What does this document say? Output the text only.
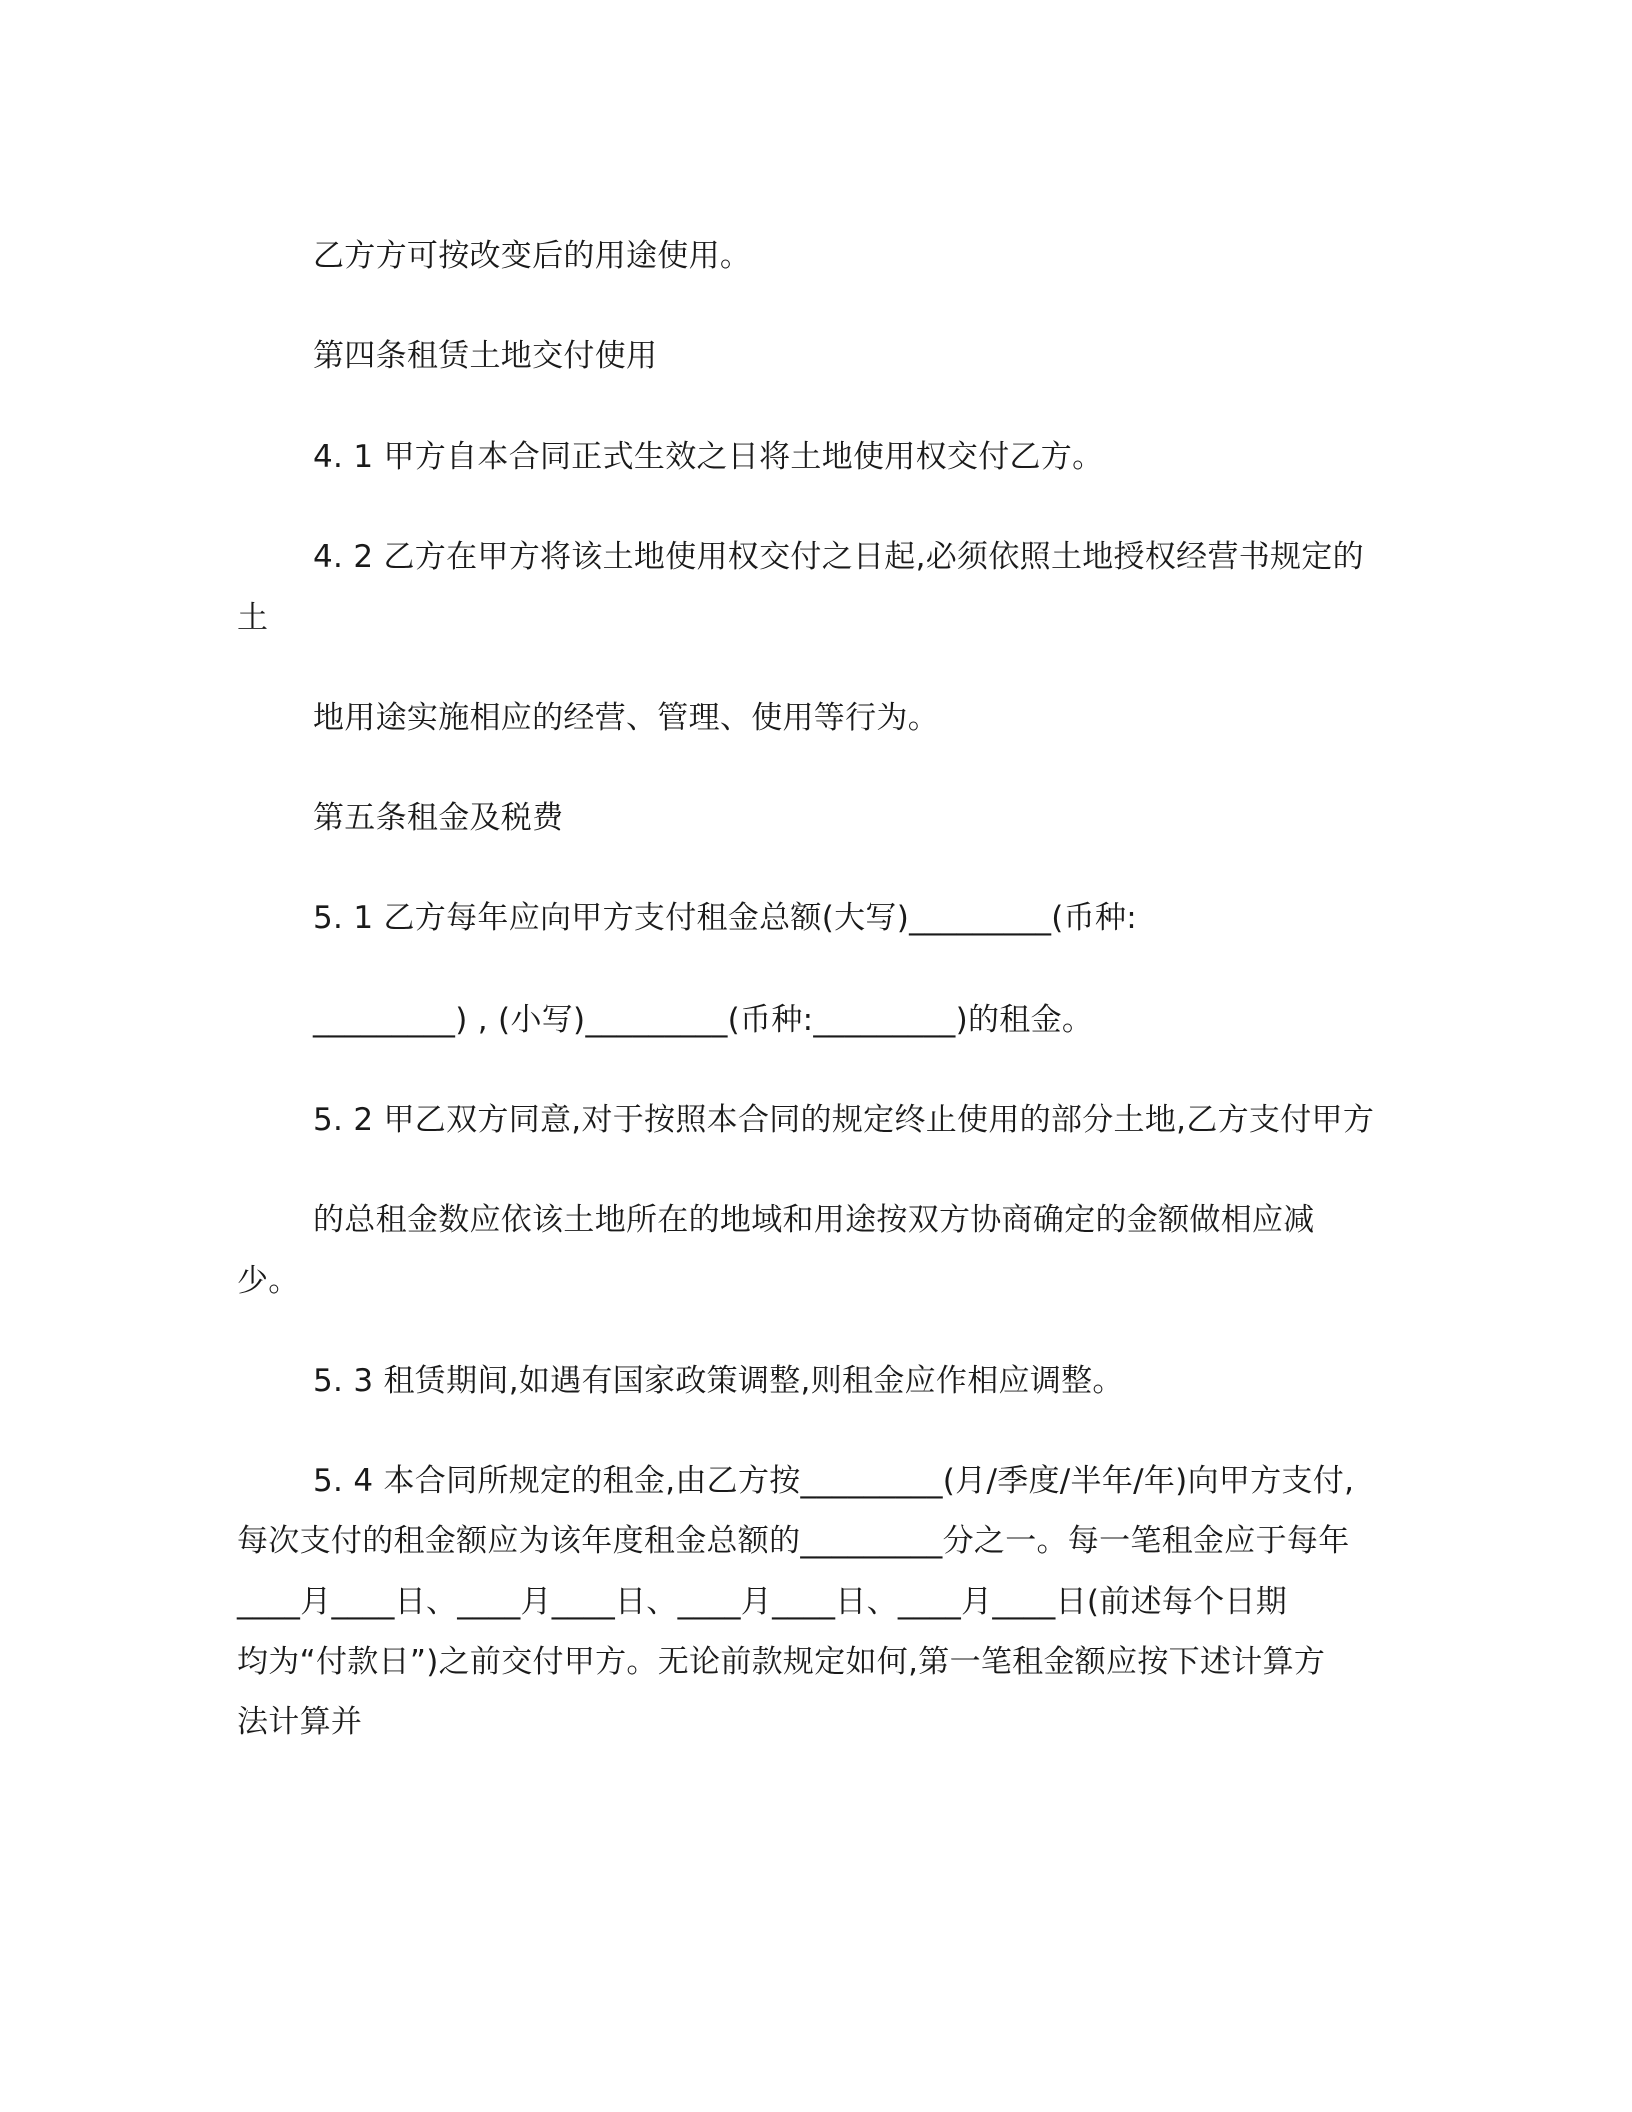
乙方方可按改变后的用途使用。
第四条租赁土地交付使用
4. 1 甲方自本合同正式生效之日将土地使用权交付乙方。
4. 2 乙方在甲方将该土地使用权交付之日起,必须依照土地授权经营书规定的
土
地用途实施相应的经营、管理、使用等行为。
第五条租金及税费
5. 1 乙方每年应向甲方支付租金总额(大写)_________(币种:
_________) , (小写)_________(币种:_________)的租金。
5. 2 甲乙双方同意,对于按照本合同的规定终止使用的部分土地,乙方支付甲方
的总租金数应依该土地所在的地域和用途按双方协商确定的金额做相应减
少。
5. 3 租赁期间,如遇有国家政策调整,则租金应作相应调整。
5. 4 本合同所规定的租金,由乙方按_________(月/季度/半年/年)向甲方支付,
每次支付的租金额应为该年度租金总额的_________分之一。每一笔租金应于每年
____月____日、____月____日、____月____日、____月____日(前述每个日期
均为“付款日”)之前交付甲方。无论前款规定如何,第一笔租金额应按下述计算方
法计算并
